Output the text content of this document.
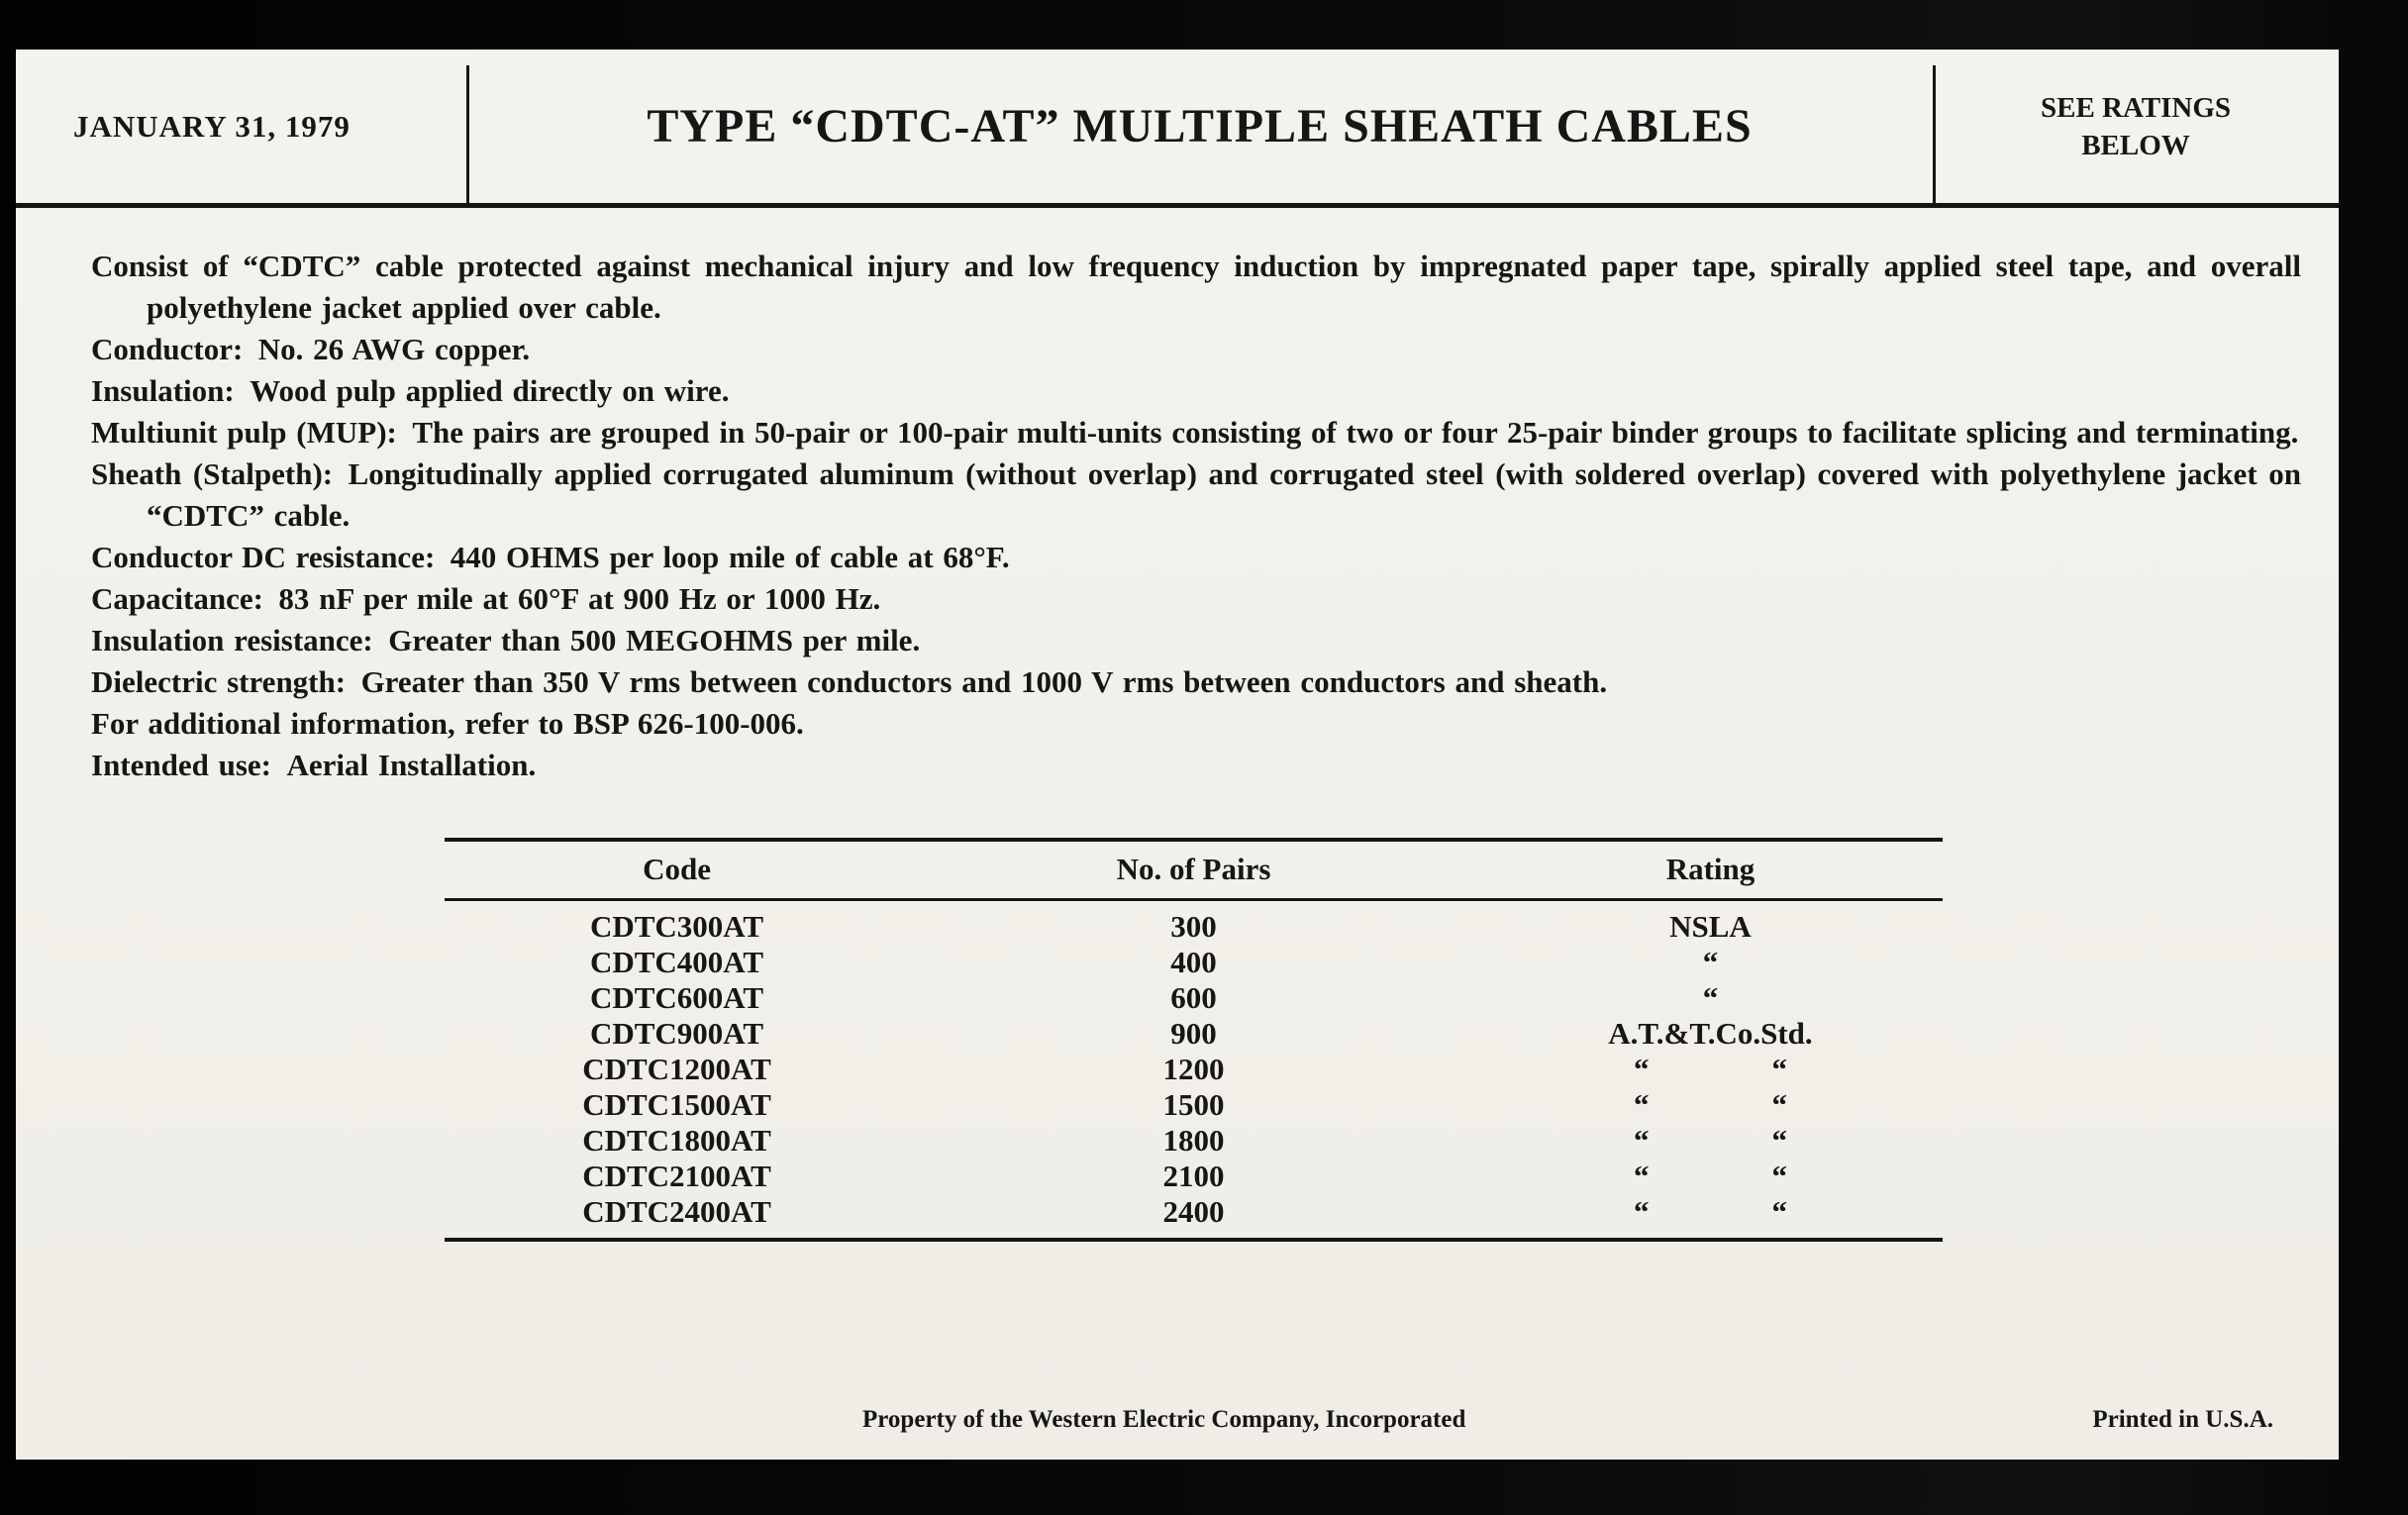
JANUARY 31, 1979	TYPE “CDTC-AT” MULTIPLE SHEATH CABLES	SEE RATINGS
BELOW

Consist of “CDTC” cable protected against mechanical injury and low frequency induction by impregnated paper tape, spirally applied steel tape, and overall polyethylene jacket applied over cable.

Conductor: No. 26 AWG copper.

Insulation: Wood pulp applied directly on wire.

Multiunit pulp (MUP): The pairs are grouped in 50-pair or 100-pair multi-units consisting of two or four 25-pair binder groups to facilitate splicing and terminating.

Sheath (Stalpeth): Longitudinally applied corrugated aluminum (without overlap) and corrugated steel (with soldered overlap) covered with polyethylene jacket on “CDTC” cable.

Conductor DC resistance: 440 OHMS per loop mile of cable at 68°F.

Capacitance: 83 nF per mile at 60°F at 900 Hz or 1000 Hz.

Insulation resistance: Greater than 500 MEGOHMS per mile.

Dielectric strength: Greater than 350 V rms between conductors and 1000 V rms between conductors and sheath.

For additional information, refer to BSP 626-100-006.

Intended use: Aerial Installation.

Code	No. of Pairs	Rating
CDTC300AT	300	NSLA
CDTC400AT	400	“
CDTC600AT	600	“
CDTC900AT	900	A.T.&T.Co.Std.
CDTC1200AT	1200	“    “
CDTC1500AT	1500	“    “
CDTC1800AT	1800	“    “
CDTC2100AT	2100	“    “
CDTC2400AT	2400	“    “
Property of the Western Electric Company, Incorporated	Printed in U.S.A.
